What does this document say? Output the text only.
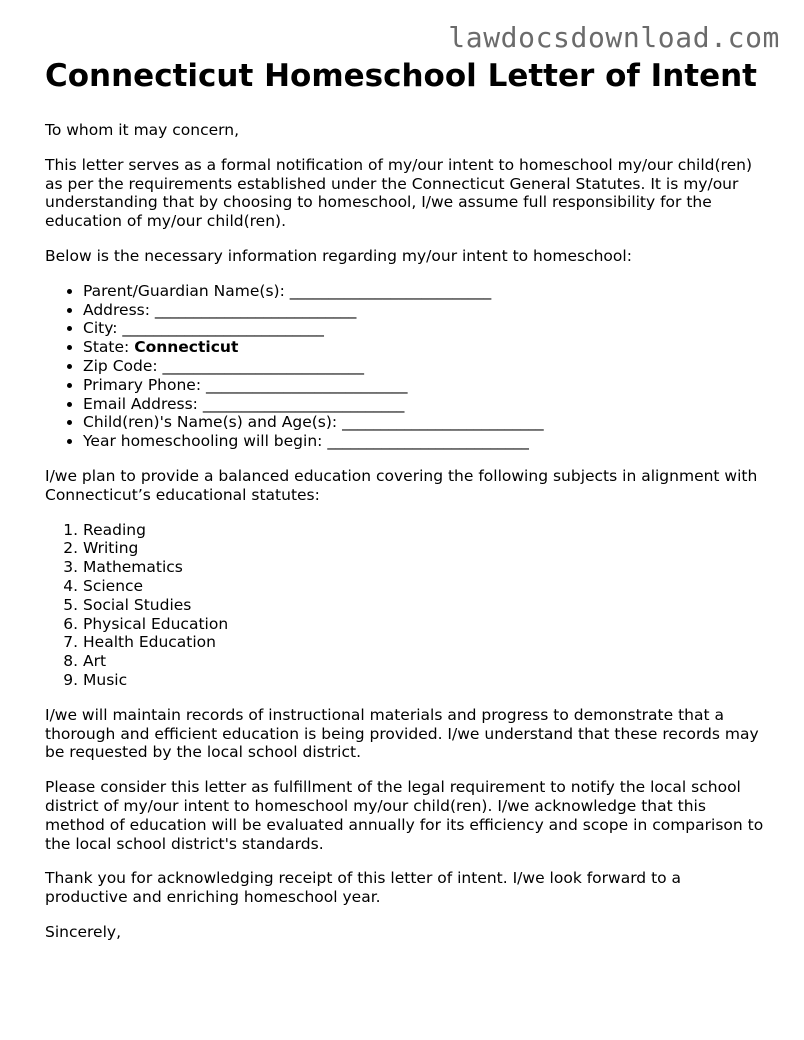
lawdocsdownload.com
Connecticut Homeschool Letter of Intent

To whom it may concern,

This letter serves as a formal notification of my/our intent to homeschool my/our child(ren) as per the requirements established under the Connecticut General Statutes. It is my/our understanding that by choosing to homeschool, I/we assume full responsibility for the education of my/our child(ren).

Below is the necessary information regarding my/our intent to homeschool:

• Parent/Guardian Name(s): __________________________
• Address: __________________________
• City: __________________________
• State: Connecticut
• Zip Code: __________________________
• Primary Phone: __________________________
• Email Address: __________________________
• Child(ren)'s Name(s) and Age(s): __________________________
• Year homeschooling will begin: __________________________

I/we plan to provide a balanced education covering the following subjects in alignment with Connecticut’s educational statutes:

1. Reading
2. Writing
3. Mathematics
4. Science
5. Social Studies
6. Physical Education
7. Health Education
8. Art
9. Music

I/we will maintain records of instructional materials and progress to demonstrate that a thorough and efficient education is being provided. I/we understand that these records may be requested by the local school district.

Please consider this letter as fulfillment of the legal requirement to notify the local school district of my/our intent to homeschool my/our child(ren). I/we acknowledge that this method of education will be evaluated annually for its efficiency and scope in comparison to the local school district's standards.

Thank you for acknowledging receipt of this letter of intent. I/we look forward to a productive and enriching homeschool year.

Sincerely,
